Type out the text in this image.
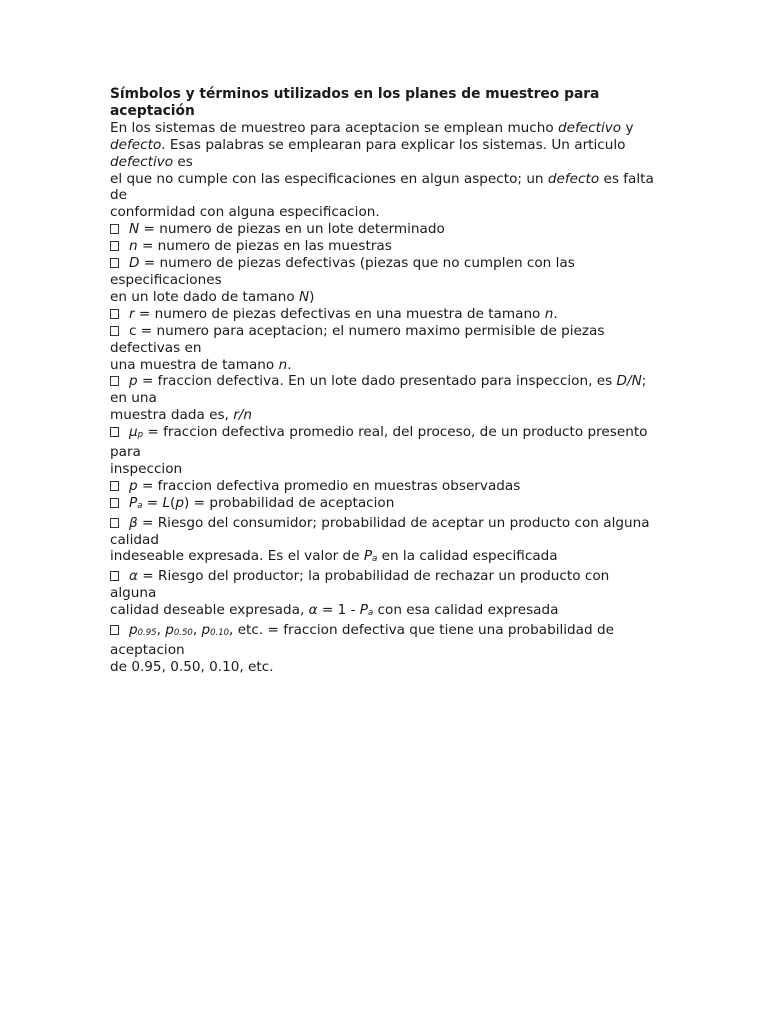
Símbolos y términos utilizados en los planes de muestreo para
aceptación

En los sistemas de muestreo para aceptacion se emplean mucho defectivo y

defecto. Esas palabras se emplearan para explicar los sistemas. Un articulo

defectivo es

el que no cumple con las especificaciones en algun aspecto; un defecto es falta

de

conformidad con alguna especificacion.

N = numero de piezas en un lote determinado

n = numero de piezas en las muestras

D = numero de piezas defectivas (piezas que no cumplen con las

especificaciones

en un lote dado de tamano N)

r = numero de piezas defectivas en una muestra de tamano n.

c = numero para aceptacion; el numero maximo permisible de piezas

defectivas en

una muestra de tamano n.

p = fraccion defectiva. En un lote dado presentado para inspeccion, es D/N;

en una

muestra dada es, r/n

μp = fraccion defectiva promedio real, del proceso, de un producto presento

para

inspeccion

p = fraccion defectiva promedio en muestras observadas

Pa = L(p) = probabilidad de aceptacion

β = Riesgo del consumidor; probabilidad de aceptar un producto con alguna

calidad

indeseable expresada. Es el valor de Pa en la calidad especificada

α = Riesgo del productor; la probabilidad de rechazar un producto con

alguna

calidad deseable expresada, α = 1 - Pa con esa calidad expresada

p0.95, p0.50, p0.10, etc. = fraccion defectiva que tiene una probabilidad de

aceptacion

de 0.95, 0.50, 0.10, etc.
